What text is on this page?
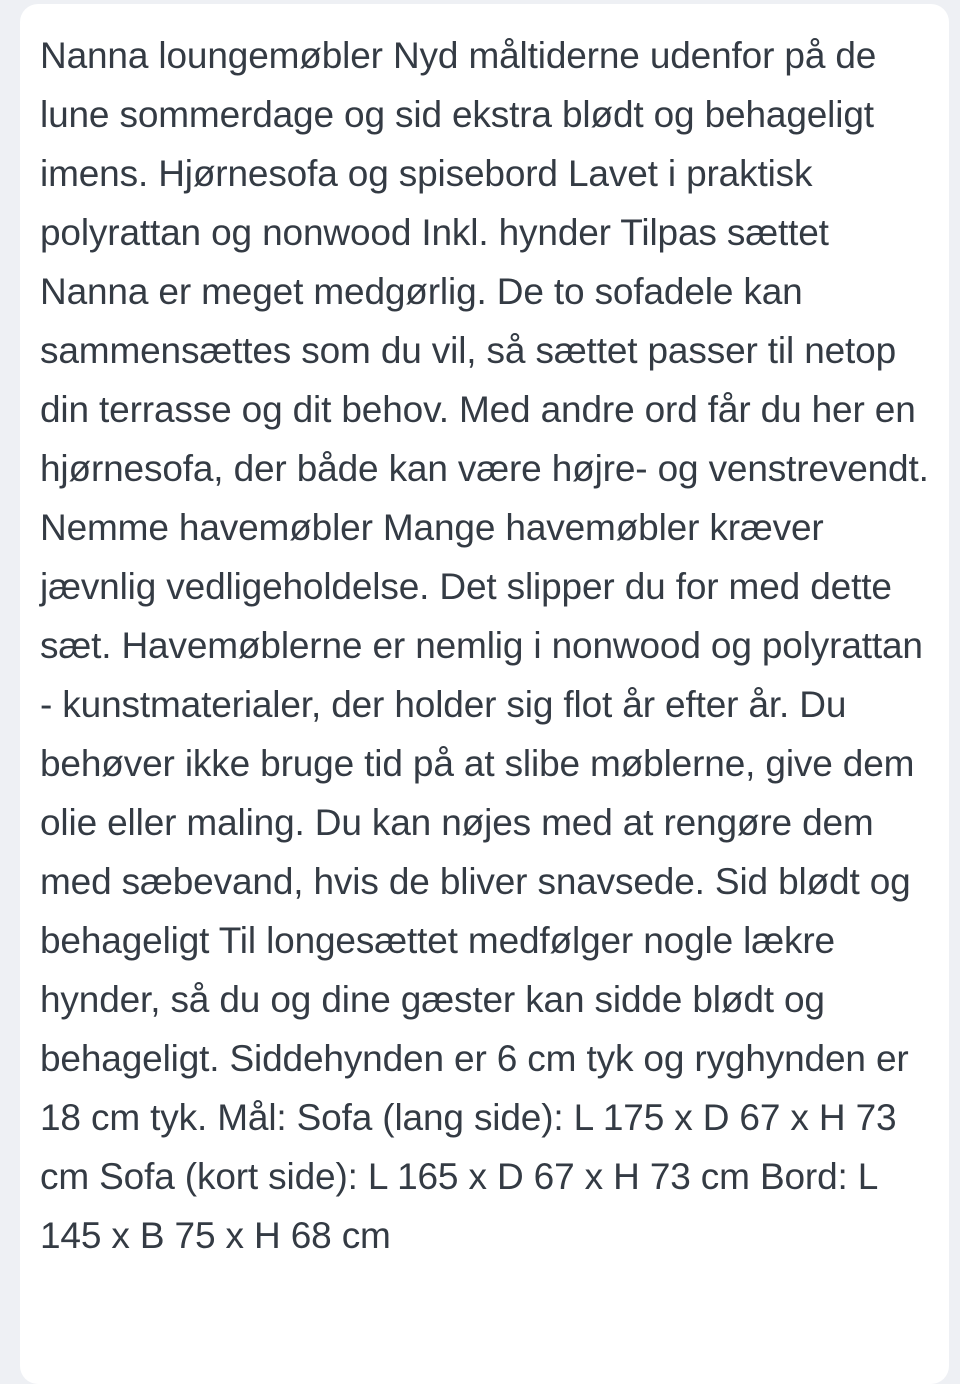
Nanna loungemøbler Nyd måltiderne udenfor på de lune sommerdage og sid ekstra blødt og behageligt imens. Hjørnesofa og spisebord Lavet i praktisk polyrattan og nonwood Inkl. hynder Tilpas sættet Nanna er meget medgørlig. De to sofadele kan sammensættes som du vil, så sættet passer til netop din terrasse og dit behov. Med andre ord får du her en hjørnesofa, der både kan være højre- og venstrevendt. Nemme havemøbler Mange havemøbler kræver jævnlig vedligeholdelse. Det slipper du for med dette sæt. Havemøblerne er nemlig i nonwood og polyrattan - kunstmaterialer, der holder sig flot år efter år. Du behøver ikke bruge tid på at slibe møblerne, give dem olie eller maling. Du kan nøjes med at rengøre dem med sæbevand, hvis de bliver snavsede. Sid blødt og behageligt Til longesættet medfølger nogle lækre hynder, så du og dine gæster kan sidde blødt og behageligt. Siddehynden er 6 cm tyk og ryghynden er 18 cm tyk. Mål: Sofa (lang side): L 175 x D 67 x H 73 cm Sofa (kort side): L 165 x D 67 x H 73 cm Bord: L 145 x B 75 x H 68 cm
